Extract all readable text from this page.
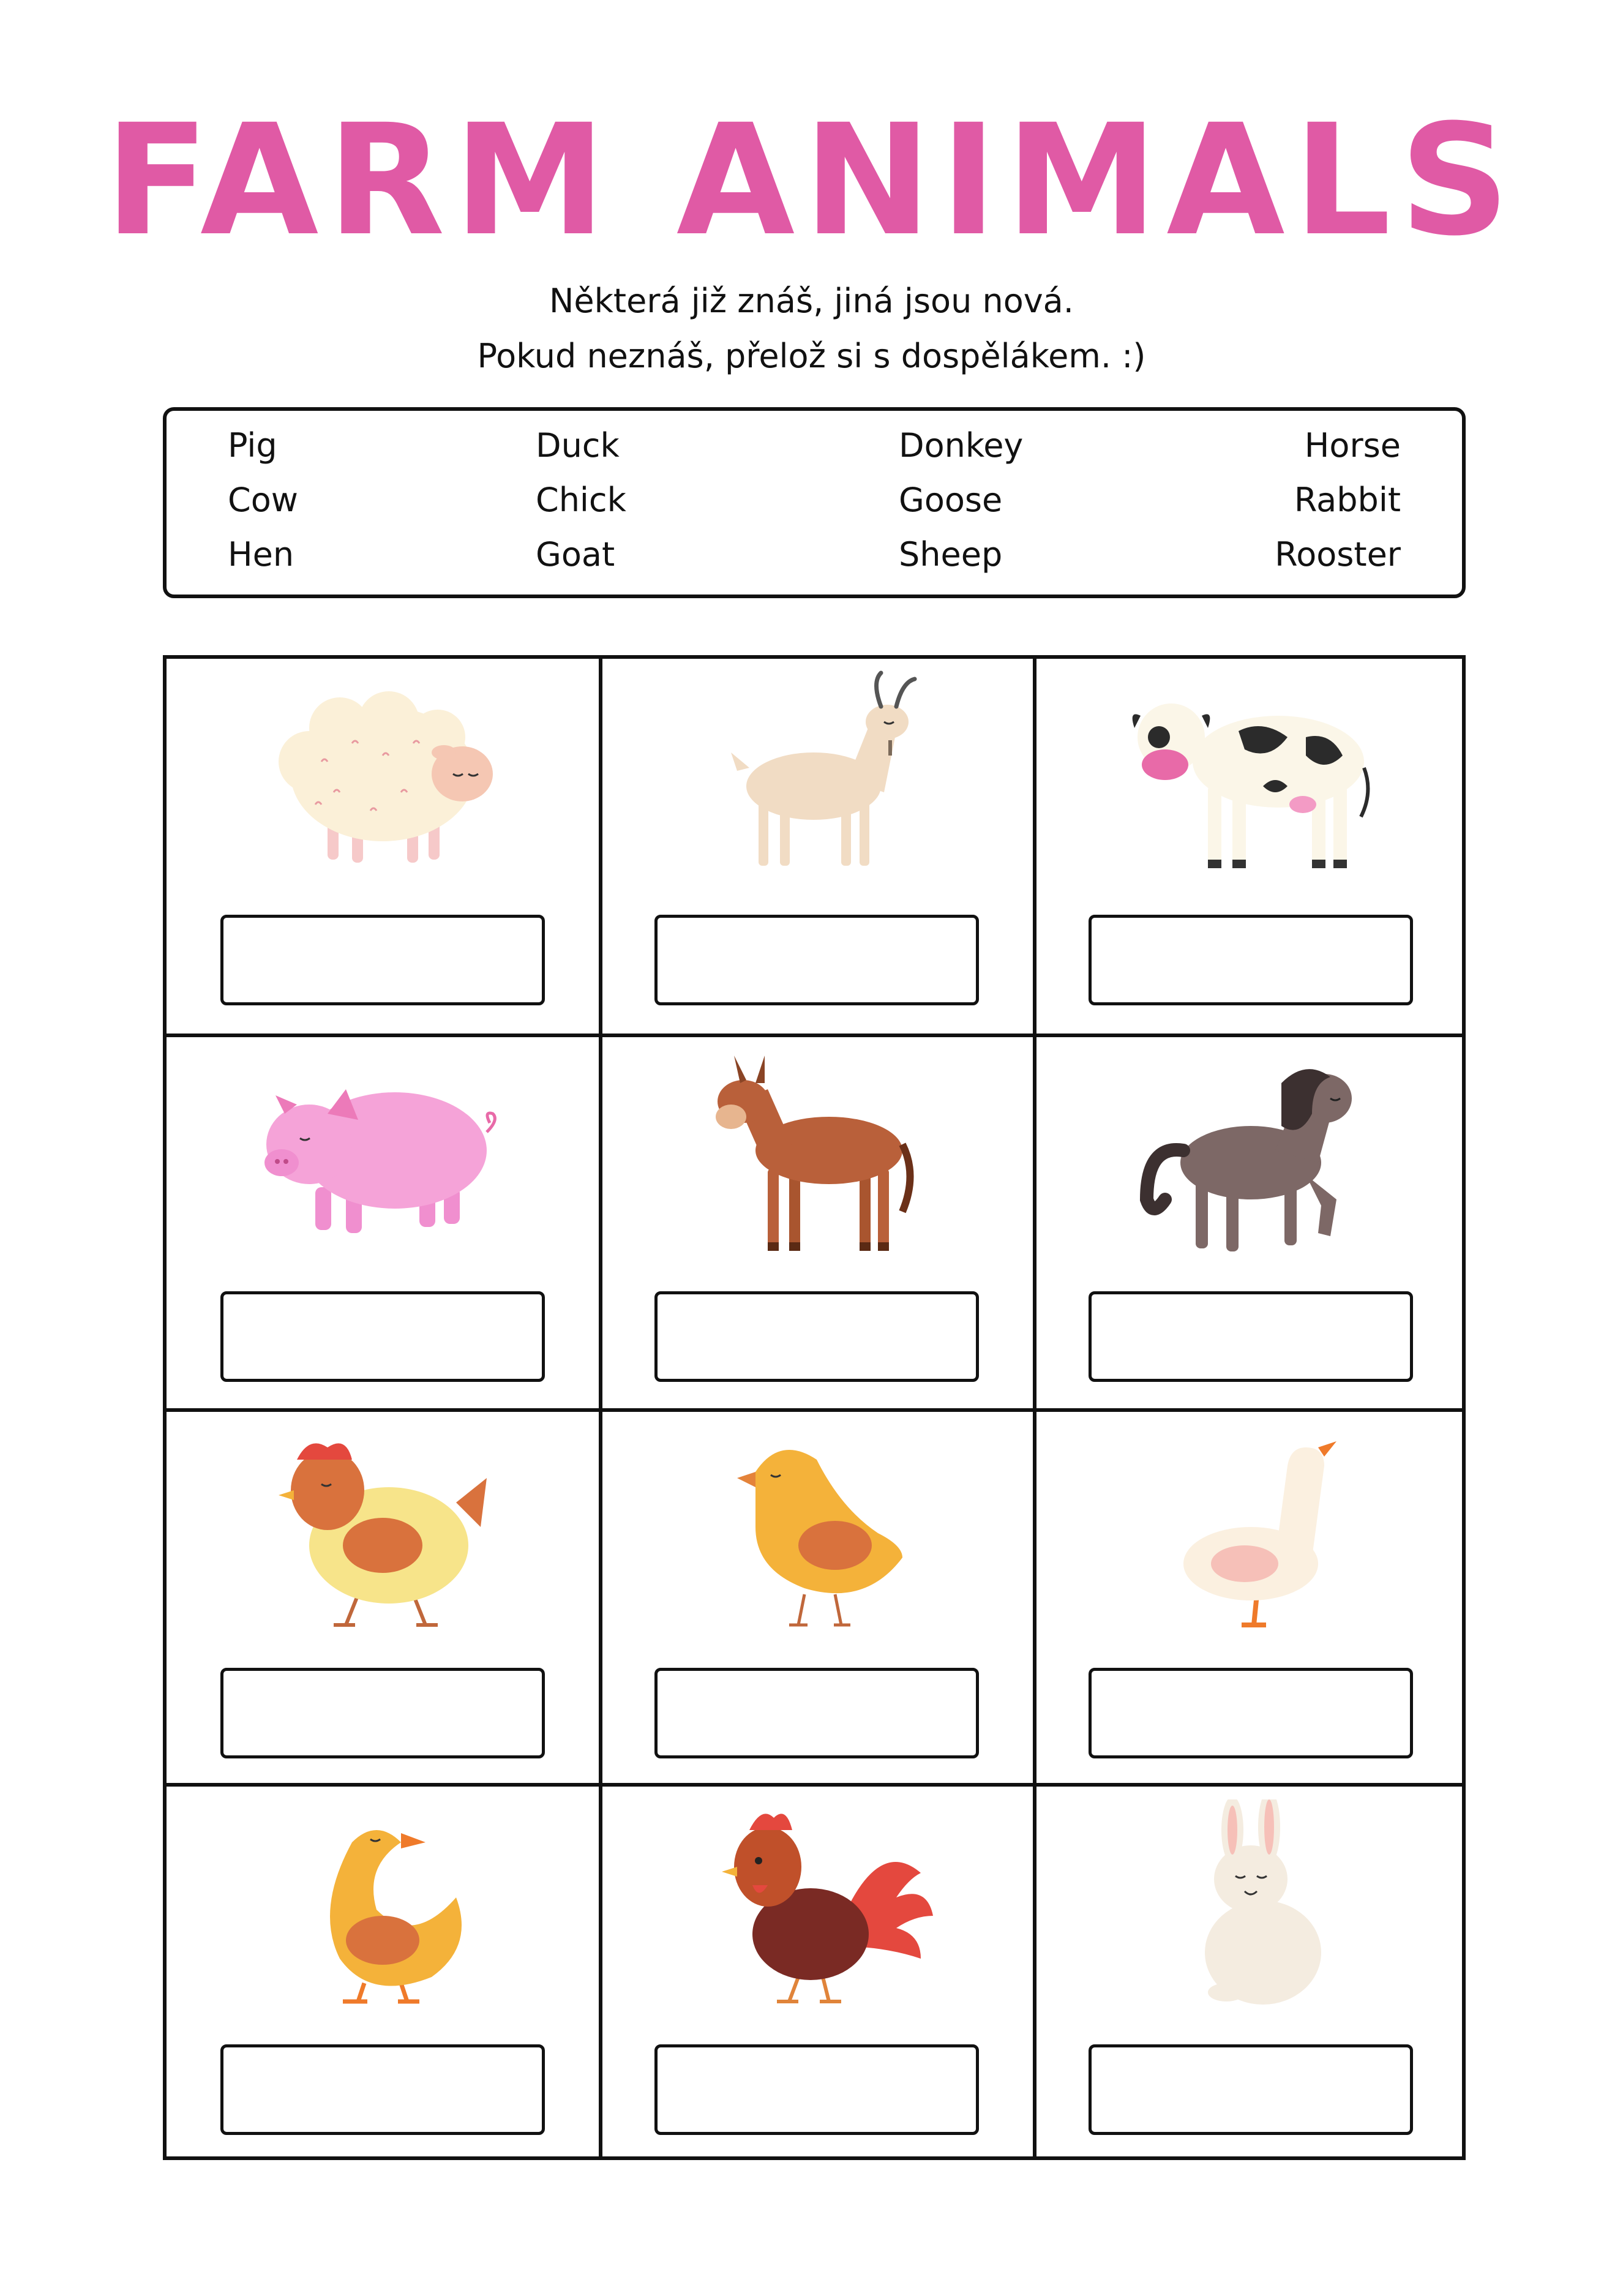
FARM ANIMALS
Některá již znáš, jiná jsou nová.
Pokud neznáš, přelož si s dospělákem. :)
Pig
Cow
Hen
Duck
Chick
Goat
Donkey
Goose
Sheep
Horse
Rabbit
Rooster
